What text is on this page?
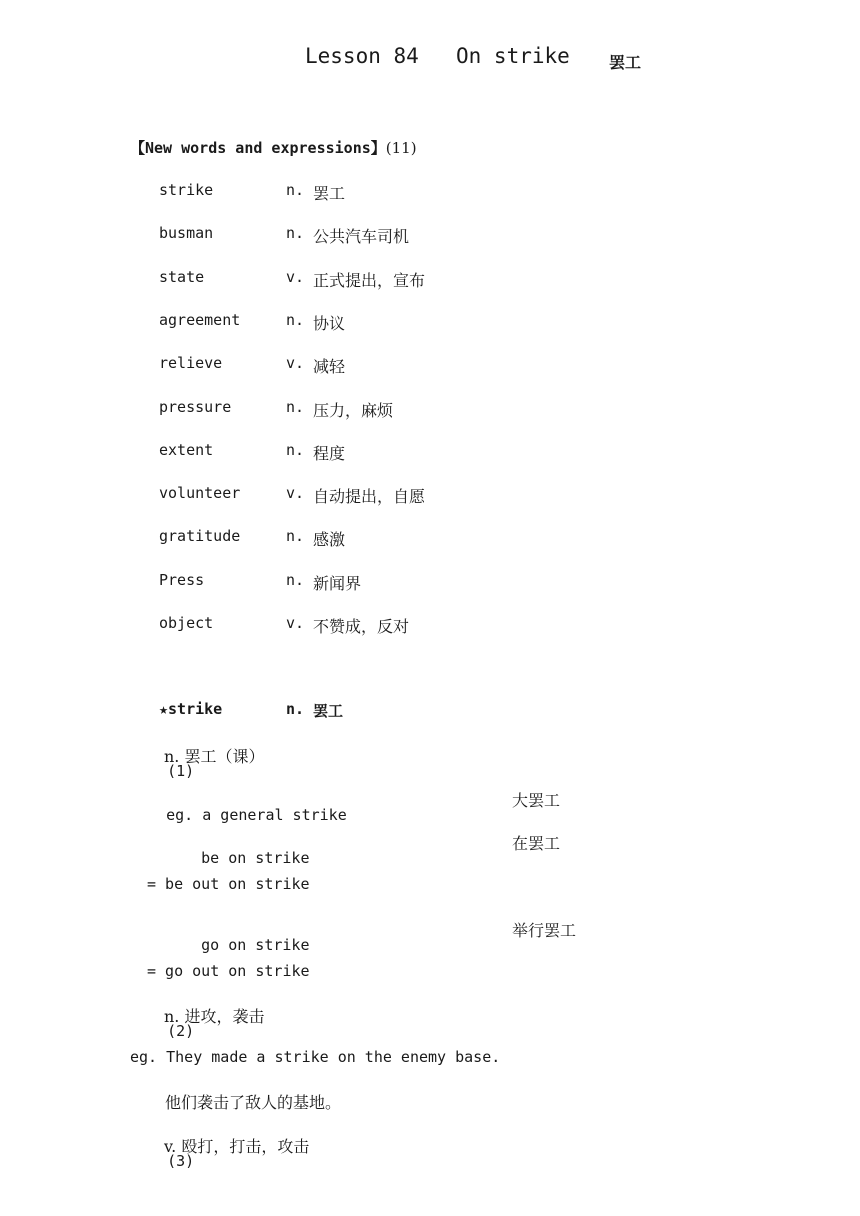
Lesson 84 On strike 罢工
【New words and expressions】(11)
strike	n. 罢工
busman	n. 公共汽车司机
state	v. 正式提出，宣布
agreement	n. 协议
relieve	v. 减轻
pressure	n. 压力，麻烦
extent	n. 程度
volunteer	v. 自动提出，自愿
gratitude	n. 感激
Press	n. 新闻界
object	v. 不赞成，反对
★strike	n. 罢工

(1)

n. 罢工（课）

eg. a general strike

大罢工

be on strike

在罢工
= be out on strike

go on strike

举行罢工
= go out on strike

(2)

n. 进攻，袭击

eg. They made a strike on the enemy base.
他们袭击了敌人的基地。

(3)

v. 殴打，打击，攻击
